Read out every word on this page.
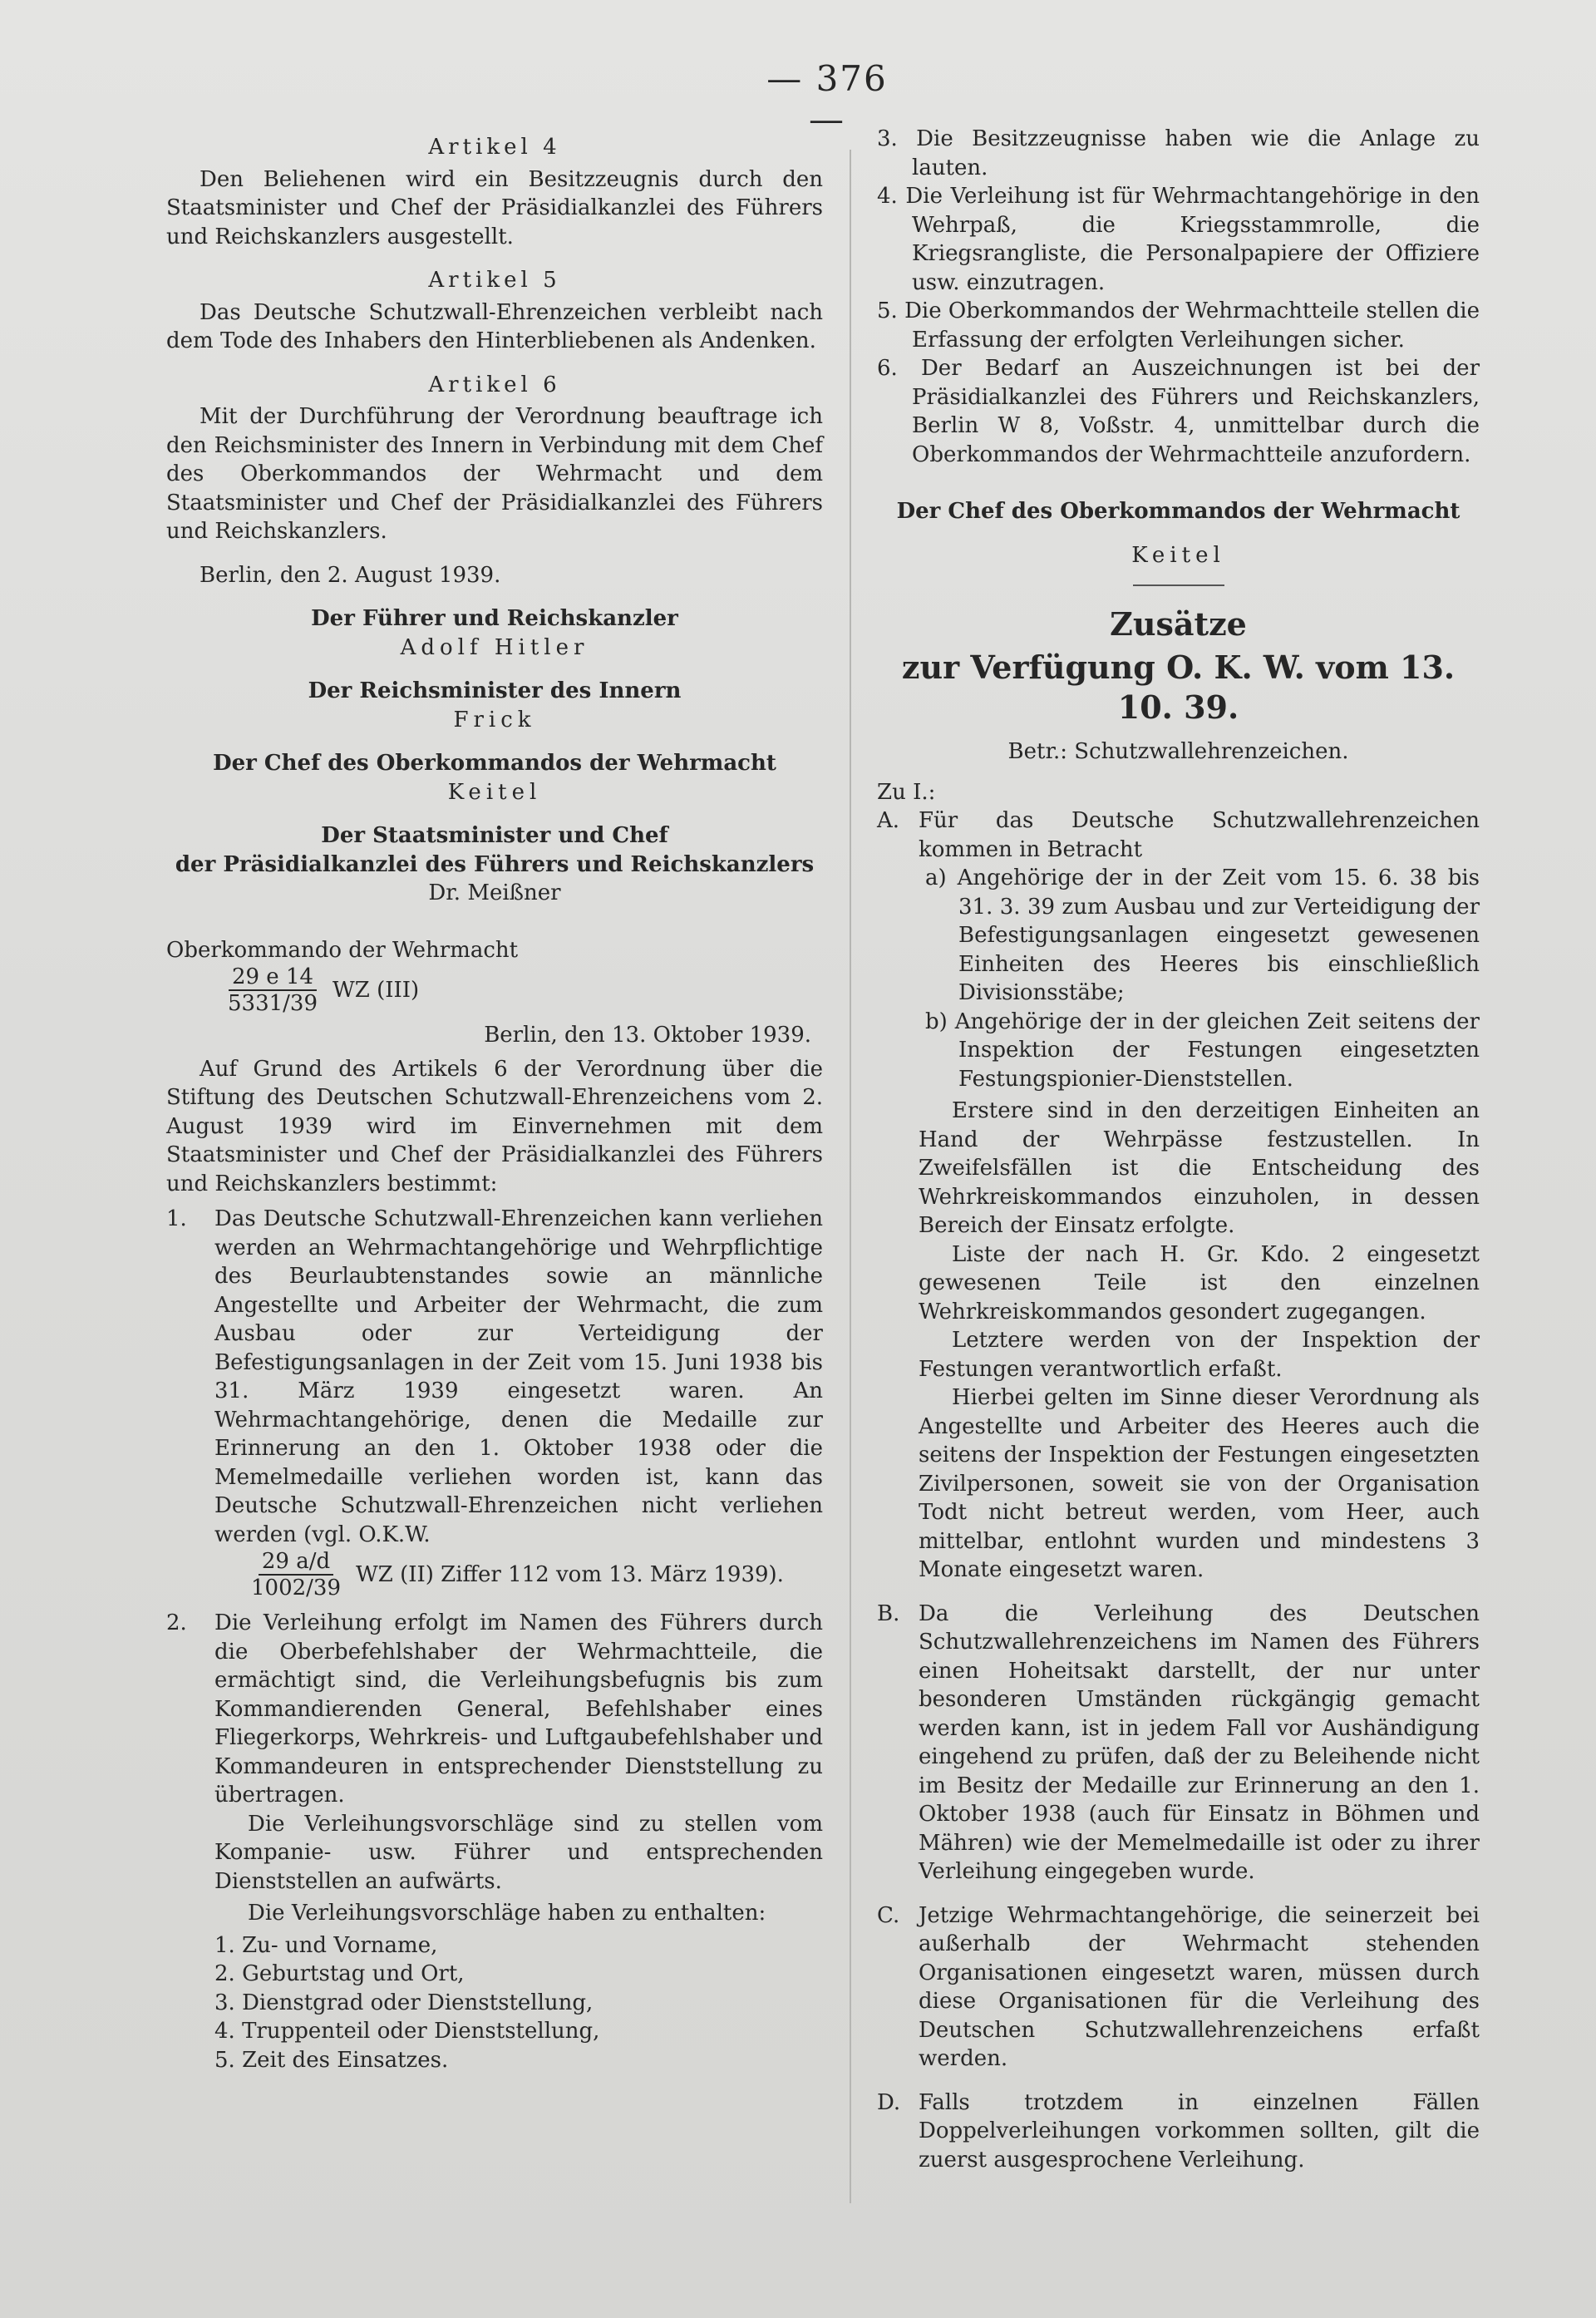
— 376 —

Artikel 4

Den Beliehenen wird ein Besitzzeugnis durch den Staatsminister und Chef der Präsidialkanzlei des Führers und Reichskanzlers ausgestellt.

Artikel 5

Das Deutsche Schutzwall-Ehrenzeichen verbleibt nach dem Tode des Inhabers den Hinterbliebenen als Andenken.

Artikel 6

Mit der Durchführung der Verordnung beauftrage ich den Reichsminister des Innern in Verbindung mit dem Chef des Oberkommandos der Wehrmacht und dem Staatsminister und Chef der Präsidialkanzlei des Führers und Reichskanzlers.

Berlin, den 2. August 1939.

Der Führer und Reichskanzler

Adolf Hitler

Der Reichsminister des Innern

Frick

Der Chef des Oberkommandos der Wehrmacht

Keitel

Der Staatsminister und Chef

der Präsidialkanzlei des Führers und Reichskanzlers

Dr. Meißner

Oberkommando der Wehrmacht

$\frac{29 e 14}{5331/39}$ WZ (III)

Berlin, den 13. Oktober 1939.

Auf Grund des Artikels 6 der Verordnung über die Stiftung des Deutschen Schutzwall-Ehrenzeichens vom 2. August 1939 wird im Einvernehmen mit dem Staatsminister und Chef der Präsidialkanzlei des Führers und Reichskanzlers bestimmt:

1. Das Deutsche Schutzwall-Ehrenzeichen kann verliehen werden an Wehrmachtangehörige und Wehrpflichtige des Beurlaubtenstandes sowie an männliche Angestellte und Arbeiter der Wehrmacht, die zum Ausbau oder zur Verteidigung der Befestigungsanlagen in der Zeit vom 15. Juni 1938 bis 31. März 1939 eingesetzt waren. An Wehrmachtangehörige, denen die Medaille zur Erinnerung an den 1. Oktober 1938 oder die Memelmedaille verliehen worden ist, kann das Deutsche Schutzwall-Ehrenzeichen nicht verliehen werden (vgl. O.K.W.
$\frac{29 a/d}{1002/39}$ WZ (II) Ziffer 112 vom 13. März 1939).
2. Die Verleihung erfolgt im Namen des Führers durch die Oberbefehlshaber der Wehrmachtteile, die ermächtigt sind, die Verleihungsbefugnis bis zum Kommandierenden General, Befehlshaber eines Fliegerkorps, Wehrkreis- und Luftgaubefehlshaber und Kommandeuren in entsprechender Dienststellung zu übertragen.

Die Verleihungsvorschläge sind zu stellen vom Kompanie- usw. Führer und entsprechenden Dienststellen an aufwärts.

Die Verleihungsvorschläge haben zu enthalten:

1. Zu- und Vorname,

2. Geburtstag und Ort,

3. Dienstgrad oder Dienststellung,

4. Truppenteil oder Dienststellung,

5. Zeit des Einsatzes.

3. Die Besitzzeugnisse haben wie die Anlage zu lauten.

4. Die Verleihung ist für Wehrmachtangehörige in den Wehrpaß, die Kriegsstammrolle, die Kriegsrangliste, die Personalpapiere der Offiziere usw. einzutragen.

5. Die Oberkommandos der Wehrmachtteile stellen die Erfassung der erfolgten Verleihungen sicher.

6. Der Bedarf an Auszeichnungen ist bei der Präsidialkanzlei des Führers und Reichskanzlers, Berlin W 8, Voßstr. 4, unmittelbar durch die Oberkommandos der Wehrmachtteile anzufordern.

Der Chef des Oberkommandos der Wehrmacht

Keitel

Zusätze

zur Verfügung O. K. W. vom 13. 10. 39.

Betr.: Schutzwallehrenzeichen.

Zu I.:

A. Für das Deutsche Schutzwallehrenzeichen kommen in Betracht

a) Angehörige der in der Zeit vom 15. 6. 38 bis 31. 3. 39 zum Ausbau und zur Verteidigung der Befestigungsanlagen eingesetzt gewesenen Einheiten des Heeres bis einschließlich Divisionsstäbe;

b) Angehörige der in der gleichen Zeit seitens der Inspektion der Festungen eingesetzten Festungspionier-Dienststellen.

Erstere sind in den derzeitigen Einheiten an Hand der Wehrpässe festzustellen. In Zweifelsfällen ist die Entscheidung des Wehrkreiskommandos einzuholen, in dessen Bereich der Einsatz erfolgte.

Liste der nach H. Gr. Kdo. 2 eingesetzt gewesenen Teile ist den einzelnen Wehrkreiskommandos gesondert zugegangen.

Letztere werden von der Inspektion der Festungen verantwortlich erfaßt.

Hierbei gelten im Sinne dieser Verordnung als Angestellte und Arbeiter des Heeres auch die seitens der Inspektion der Festungen eingesetzten Zivilpersonen, soweit sie von der Organisation Todt nicht betreut werden, vom Heer, auch mittelbar, entlohnt wurden und mindestens 3 Monate eingesetzt waren.

B. Da die Verleihung des Deutschen Schutzwallehrenzeichens im Namen des Führers einen Hoheitsakt darstellt, der nur unter besonderen Umständen rückgängig gemacht werden kann, ist in jedem Fall vor Aushändigung eingehend zu prüfen, daß der zu Beleihende nicht im Besitz der Medaille zur Erinnerung an den 1. Oktober 1938 (auch für Einsatz in Böhmen und Mähren) wie der Memelmedaille ist oder zu ihrer Verleihung eingegeben wurde.
C. Jetzige Wehrmachtangehörige, die seinerzeit bei außerhalb der Wehrmacht stehenden Organisationen eingesetzt waren, müssen durch diese Organisationen für die Verleihung des Deutschen Schutzwallehrenzeichens erfaßt werden.
D. Falls trotzdem in einzelnen Fällen Doppelverleihungen vorkommen sollten, gilt die zuerst ausgesprochene Verleihung.
